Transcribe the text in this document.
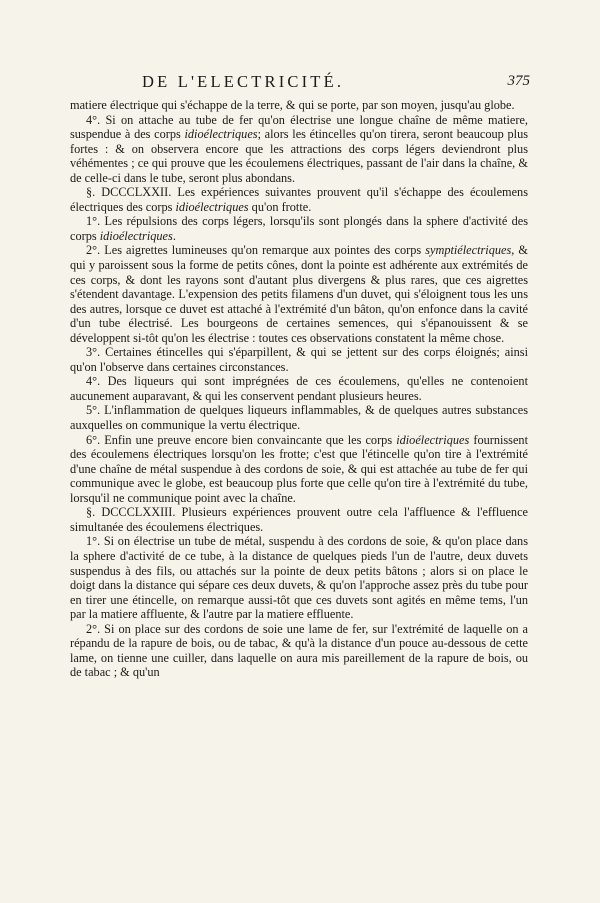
DE L'ELECTRICITÉ.	375

matiere électrique qui s'échappe de la terre, & qui se porte, par son moyen, jusqu'au globe.

4°. Si on attache au tube de fer qu'on électrise une longue chaîne de même matiere, suspendue à des corps idioélectriques; alors les étincelles qu'on tirera, seront beaucoup plus fortes : & on observera encore que les attractions des corps légers deviendront plus véhémentes ; ce qui prouve que les écoulemens électriques, passant de l'air dans la chaîne, & de celle-ci dans le tube, seront plus abondans.

§. DCCCLXXII. Les expériences suivantes prouvent qu'il s'échappe des écoulemens électriques des corps idioélectriques qu'on frotte.

1°. Les répulsions des corps légers, lorsqu'ils sont plongés dans la sphere d'activité des corps idioélectriques.

2°. Les aigrettes lumineuses qu'on remarque aux pointes des corps symptiélectriques, & qui y paroissent sous la forme de petits cônes, dont la pointe est adhérente aux extrémités de ces corps, & dont les rayons sont d'autant plus divergens & plus rares, que ces aigrettes s'étendent davantage. L'expension des petits filamens d'un duvet, qui s'éloignent tous les uns des autres, lorsque ce duvet est attaché à l'extrémité d'un bâton, qu'on enfonce dans la cavité d'un tube électrisé. Les bourgeons de certaines semences, qui s'épanouissent & se développent si-tôt qu'on les électrise : toutes ces observations constatent la même chose.

3°. Certaines étincelles qui s'éparpillent, & qui se jettent sur des corps éloignés; ainsi qu'on l'observe dans certaines circonstances.

4°. Des liqueurs qui sont imprégnées de ces écoulemens, qu'elles ne contenoient aucunement auparavant, & qui les conservent pendant plusieurs heures.

5°. L'inflammation de quelques liqueurs inflammables, & de quelques autres substances auxquelles on communique la vertu électrique.

6°. Enfin une preuve encore bien convaincante que les corps idioélectriques fournissent des écoulemens électriques lorsqu'on les frotte; c'est que l'étincelle qu'on tire à l'extrémité d'une chaîne de métal suspendue à des cordons de soie, & qui est attachée au tube de fer qui communique avec le globe, est beaucoup plus forte que celle qu'on tire à l'extrémité du tube, lorsqu'il ne communique point avec la chaîne.

§. DCCCLXXIII. Plusieurs expériences prouvent outre cela l'affluence & l'effluence simultanée des écoulemens électriques.

1°. Si on électrise un tube de métal, suspendu à des cordons de soie, & qu'on place dans la sphere d'activité de ce tube, à la distance de quelques pieds l'un de l'autre, deux duvets suspendus à des fils, ou attachés sur la pointe de deux petits bâtons ; alors si on place le doigt dans la distance qui sépare ces deux duvets, & qu'on l'approche assez près du tube pour en tirer une étincelle, on remarque aussi-tôt que ces duvets sont agités en même tems, l'un par la matiere affluente, & l'autre par la matiere effluente.

2°. Si on place sur des cordons de soie une lame de fer, sur l'extrémité de laquelle on a répandu de la rapure de bois, ou de tabac, & qu'à la distance d'un pouce au-dessous de cette lame, on tienne une cuiller, dans laquelle on aura mis pareillement de la rapure de bois, ou de tabac ; & qu'un
